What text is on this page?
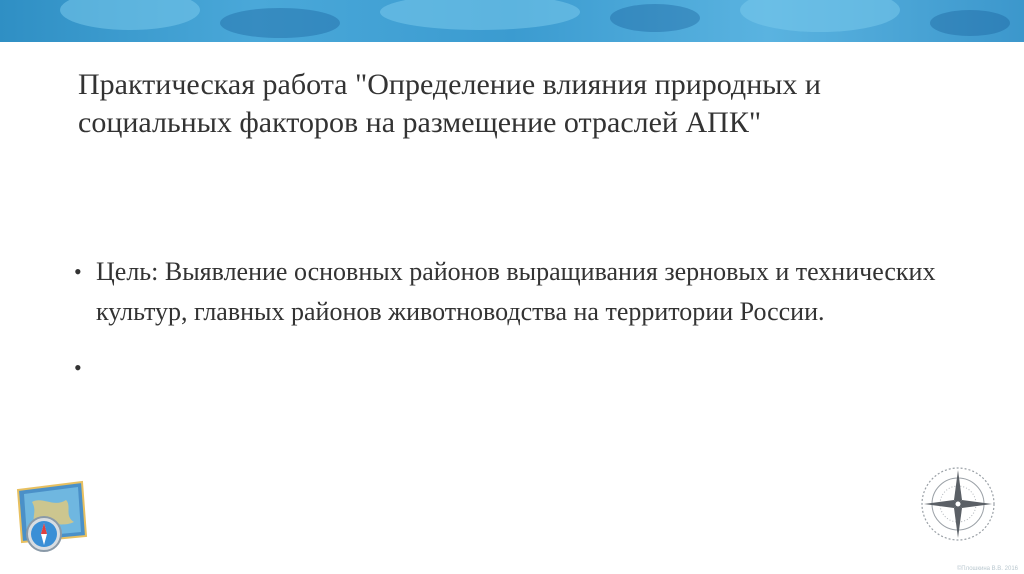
Практическая работа "Определение влияния природных и социальных факторов на размещение отраслей АПК"
• Цель: Выявление основных районов выращивания зерновых и технических культур, главных районов животноводства на территории России.
•
©Плошкина В.В. 2016
